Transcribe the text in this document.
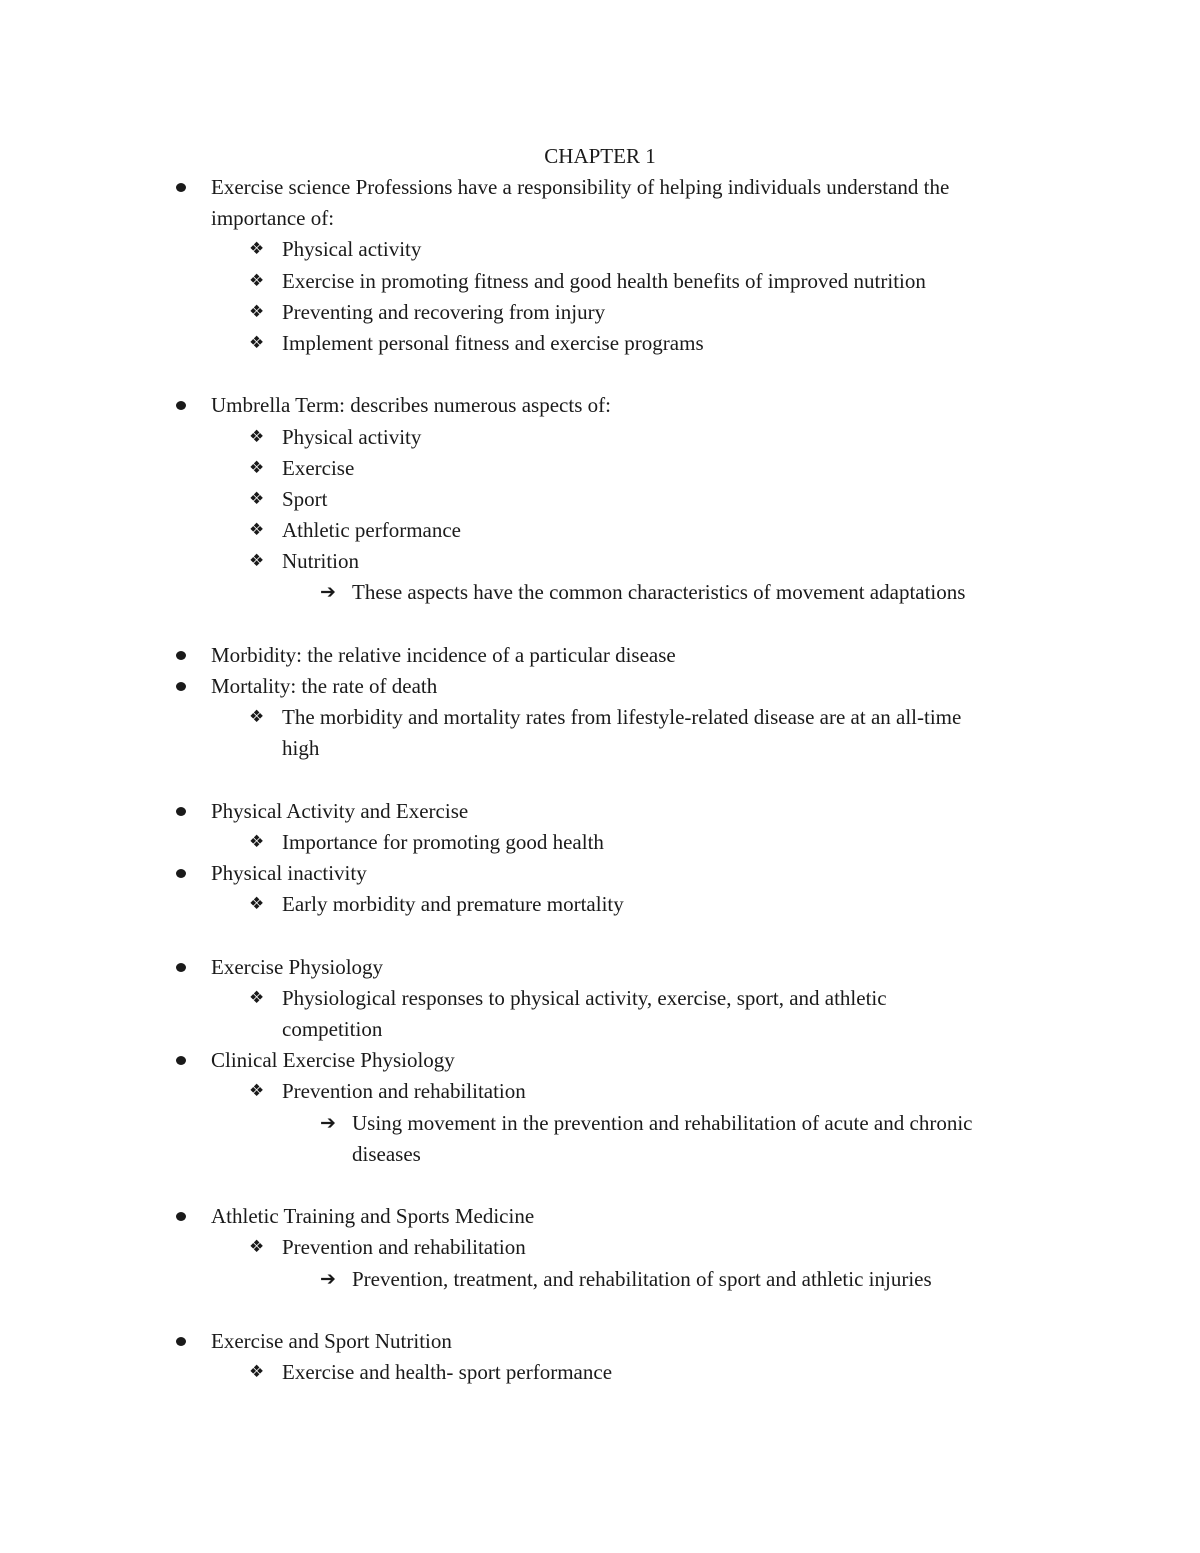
CHAPTER 1
Exercise science Professions have a responsibility of helping individuals understand the
importance of:
❖ Physical activity
❖ Exercise in promoting fitness and good health benefits of improved nutrition
❖ Preventing and recovering from injury
❖ Implement personal fitness and exercise programs
Umbrella Term: describes numerous aspects of:
❖ Physical activity
❖ Exercise
❖ Sport
❖ Athletic performance
❖ Nutrition
➔ These aspects have the common characteristics of movement adaptations
Morbidity: the relative incidence of a particular disease
Mortality: the rate of death
❖ The morbidity and mortality rates from lifestyle-related disease are at an all-time
high
Physical Activity and Exercise
❖ Importance for promoting good health
Physical inactivity
❖ Early morbidity and premature mortality
Exercise Physiology
❖ Physiological responses to physical activity, exercise, sport, and athletic
competition
Clinical Exercise Physiology
❖ Prevention and rehabilitation
➔ Using movement in the prevention and rehabilitation of acute and chronic
diseases
Athletic Training and Sports Medicine
❖ Prevention and rehabilitation
➔ Prevention, treatment, and rehabilitation of sport and athletic injuries
Exercise and Sport Nutrition
❖ Exercise and health- sport performance
